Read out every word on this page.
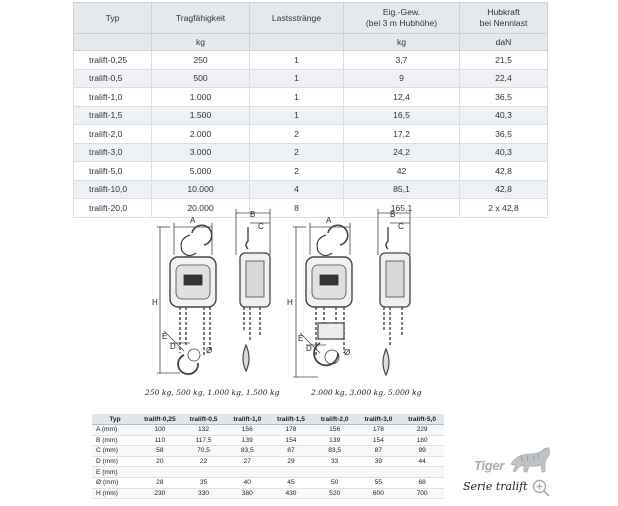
Typ	Tragfähigkeit	Lastsstränge	Eig.-Gew.
(bei 3 m Hubhöhe)	Hubkraft
bei Nennlast
	kg		kg	daN
tralift-0,25	250	1	3,7	21,5
tralift-0,5	500	1	9	22,4
tralift-1,0	1.000	1	12,4	36,5
tralift-1,5	1.500	1	16,5	40,3
tralift-2,0	2.000	2	17,2	36,5
tralift-3,0	3.000	2	24,2	40,3
tralift-5,0	5.000	2	42	42,8
tralift-10,0	10.000	4	85,1	42,8
tralift-20,0	20.000	8	165,1	2 x 42,8
A
B
C
H
E
D	Ø
A
B
C
H
E
D	Ø
250 kg, 500 kg, 1.000 kg, 1.500 kg	2.000 kg, 3.000 kg, 5.000 kg
Typ	tralift-0,25	tralift-0,5	tralift-1,0	tralift-1,5	tralift-2,0	tralift-3,0	tralift-5,0
A (mm)	100	132	156	178	156	178	229
B (mm)	110	117,5	139	154	139	154	180
C (mm)	58	70,5	83,5	87	83,5	87	99
D (mm)	20	22	27	29	33	39	44
E (mm)							
Ø (mm)	28	35	40	45	50	55	68
H (mm)	230	330	380	430	520	600	700
Tiger
Serie tralift
